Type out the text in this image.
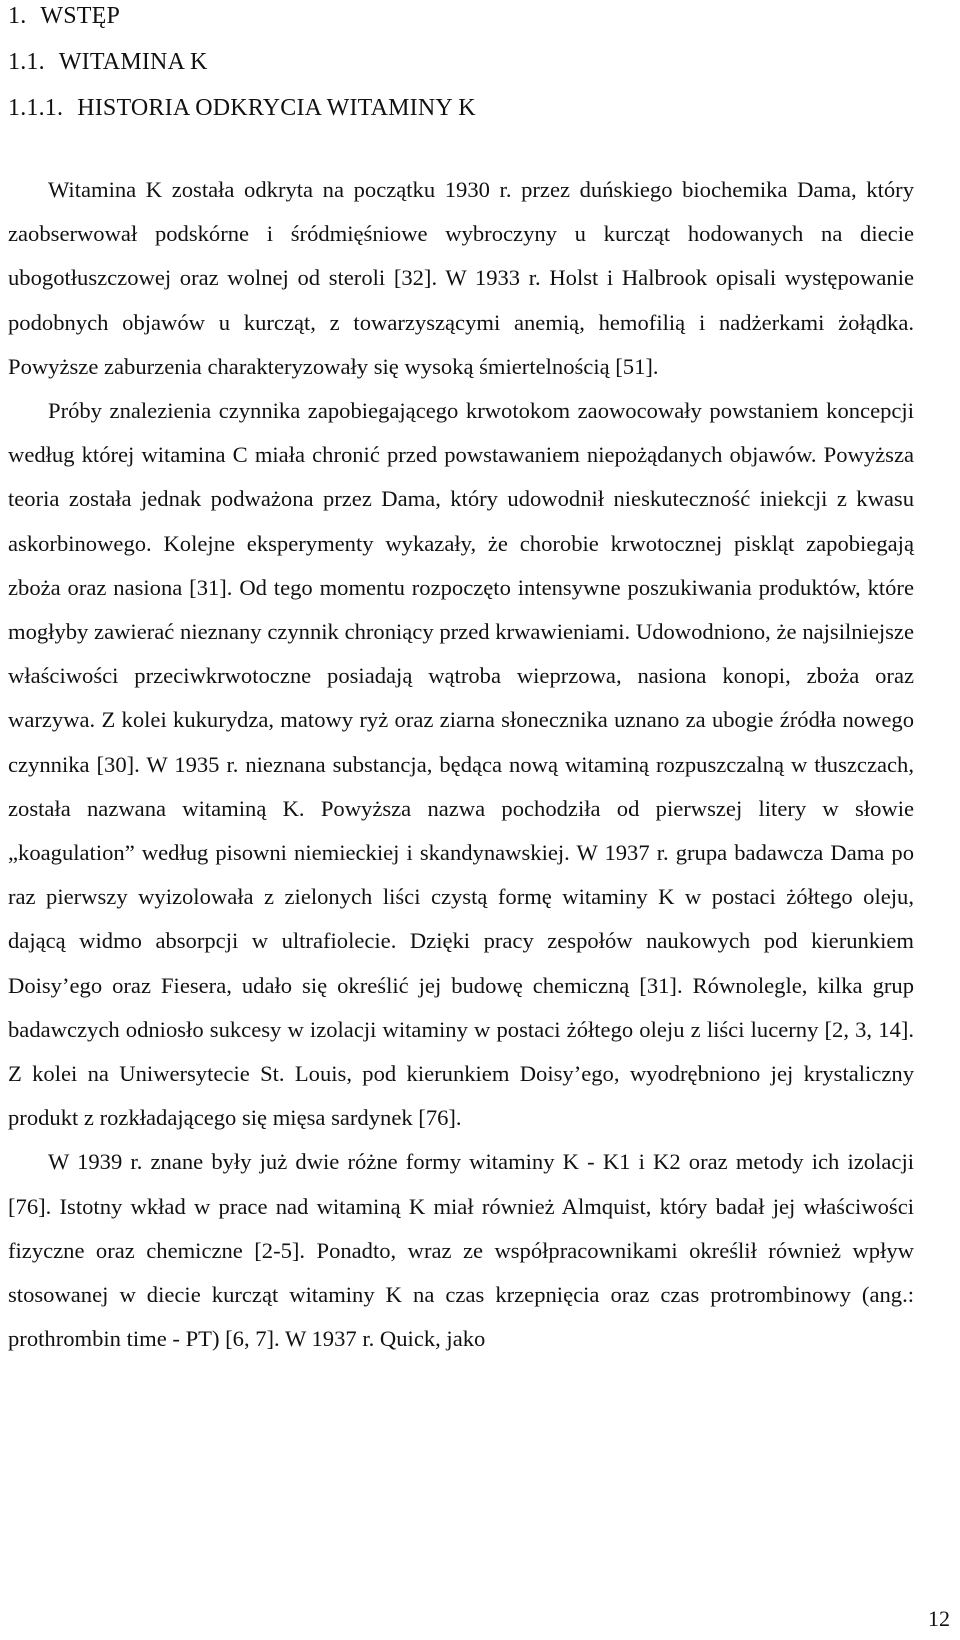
1. WSTĘP
1.1. WITAMINA K
1.1.1. HISTORIA ODKRYCIA WITAMINY K

Witamina K została odkryta na początku 1930 r. przez duńskiego biochemika Dama, który zaobserwował podskórne i śródmięśniowe wybroczyny u kurcząt hodowanych na diecie ubogotłuszczowej oraz wolnej od steroli [32]. W 1933 r. Holst i Halbrook opisali występowanie podobnych objawów u kurcząt, z towarzyszącymi anemią, hemofilią i nadżerkami żołądka. Powyższe zaburzenia charakteryzowały się wysoką śmiertelnością [51].

Próby znalezienia czynnika zapobiegającego krwotokom zaowocowały powstaniem koncepcji według której witamina C miała chronić przed powstawaniem niepożądanych objawów. Powyższa teoria została jednak podważona przez Dama, który udowodnił nieskuteczność iniekcji z kwasu askorbinowego. Kolejne eksperymenty wykazały, że chorobie krwotocznej piskląt zapobiegają zboża oraz nasiona [31]. Od tego momentu rozpoczęto intensywne poszukiwania produktów, które mogłyby zawierać nieznany czynnik chroniący przed krwawieniami. Udowodniono, że najsilniejsze właściwości przeciwkrwotoczne posiadają wątroba wieprzowa, nasiona konopi, zboża oraz warzywa. Z kolei kukurydza, matowy ryż oraz ziarna słonecznika uznano za ubogie źródła nowego czynnika [30]. W 1935 r. nieznana substancja, będąca nową witaminą rozpuszczalną w tłuszczach, została nazwana witaminą K. Powyższa nazwa pochodziła od pierwszej litery w słowie „koagulation” według pisowni niemieckiej i skandynawskiej. W 1937 r. grupa badawcza Dama po raz pierwszy wyizolowała z zielonych liści czystą formę witaminy K w postaci żółtego oleju, dającą widmo absorpcji w ultrafiolecie. Dzięki pracy zespołów naukowych pod kierunkiem Doisy’ego oraz Fiesera, udało się określić jej budowę chemiczną [31]. Równolegle, kilka grup badawczych odniosło sukcesy w izolacji witaminy w postaci żółtego oleju z liści lucerny [2, 3, 14]. Z kolei na Uniwersytecie St. Louis, pod kierunkiem Doisy’ego, wyodrębniono jej krystaliczny produkt z rozkładającego się mięsa sardynek [76].

W 1939 r. znane były już dwie różne formy witaminy K - K1 i K2 oraz metody ich izolacji [76]. Istotny wkład w prace nad witaminą K miał również Almquist, który badał jej właściwości fizyczne oraz chemiczne [2-5]. Ponadto, wraz ze współpracownikami określił również wpływ stosowanej w diecie kurcząt witaminy K na czas krzepnięcia oraz czas protrombinowy (ang.: prothrombin time - PT) [6, 7]. W 1937 r. Quick, jako

12
